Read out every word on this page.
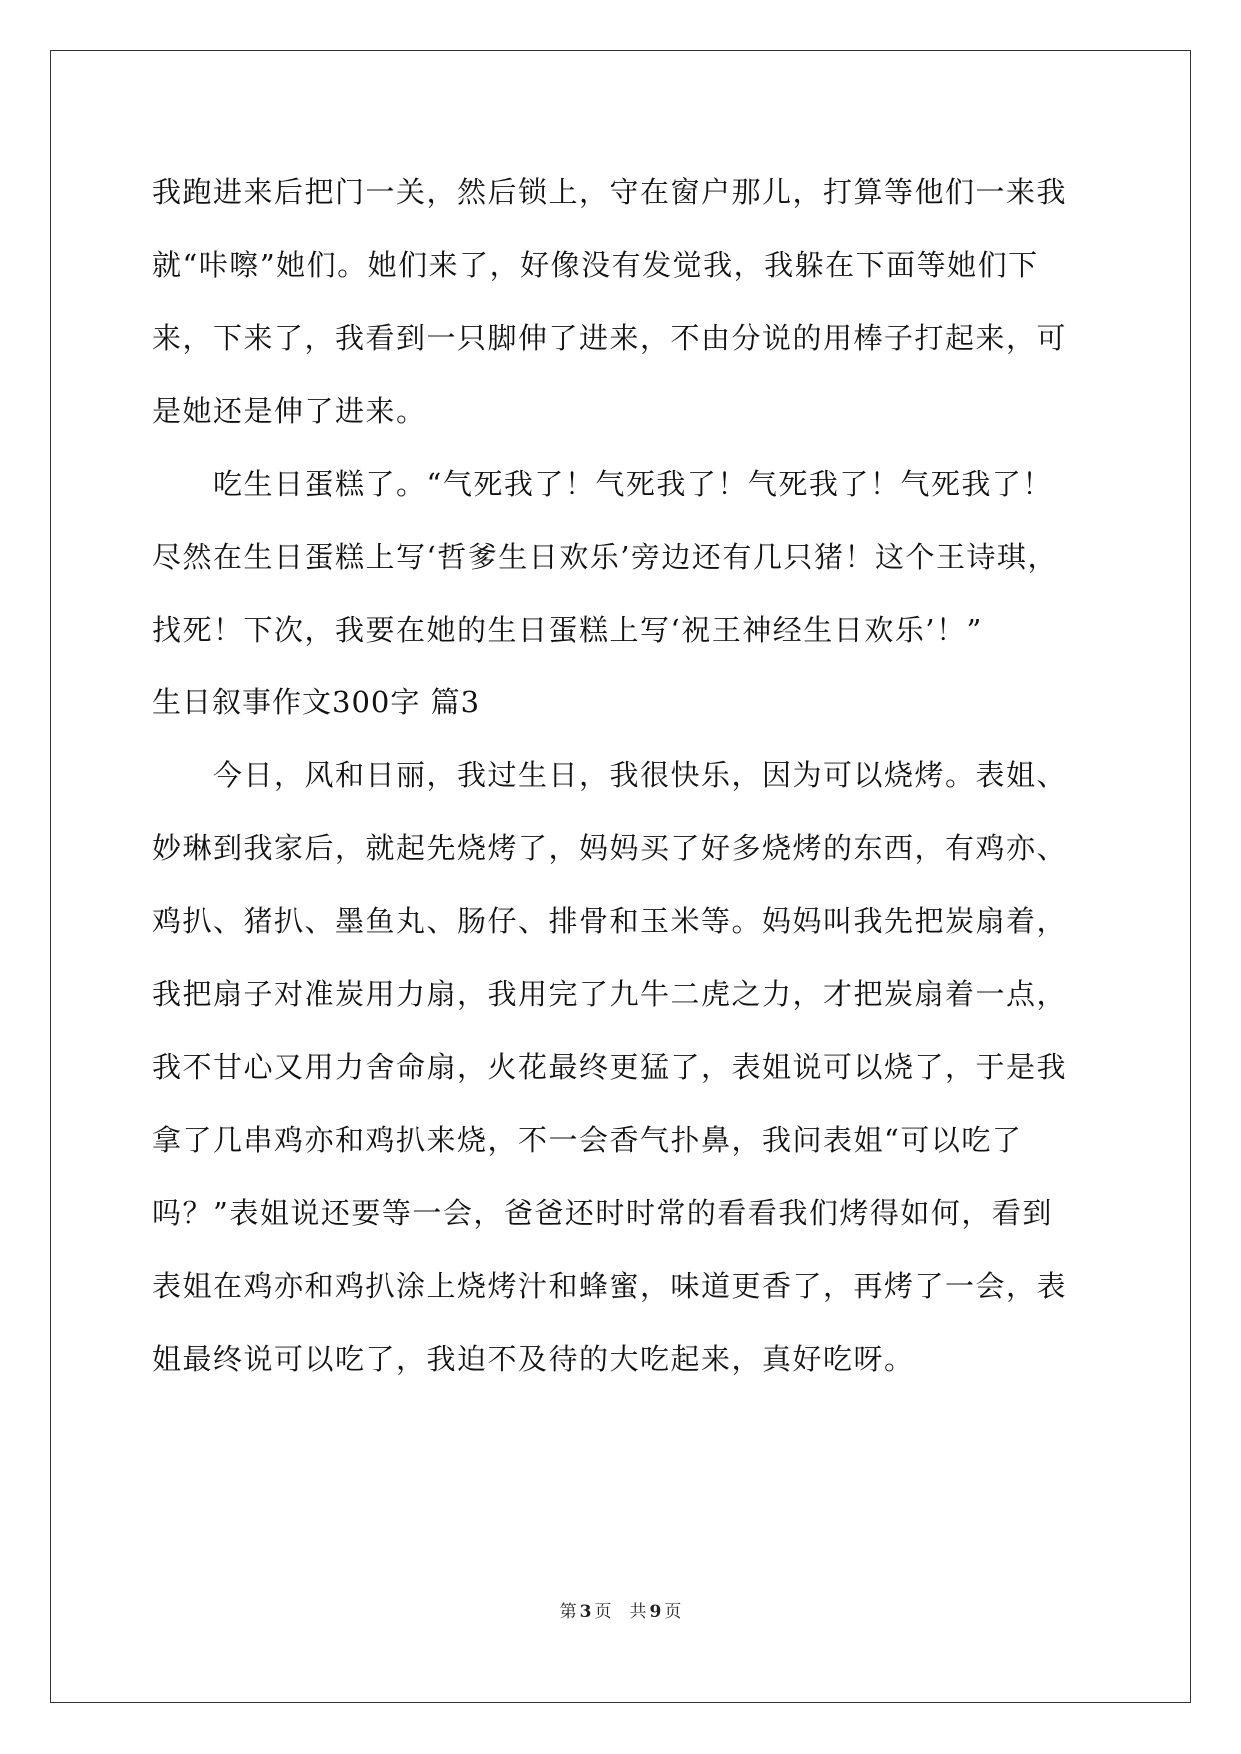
我跑进来后把门一关，然后锁上，守在窗户那儿，打算等他们一来我
就“咔嚓”她们。她们来了，好像没有发觉我，我躲在下面等她们下
来，下来了，我看到一只脚伸了进来，不由分说的用棒子打起来，可
是她还是伸了进来。
吃生日蛋糕了。“气死我了！气死我了！气死我了！气死我了！
尽然在生日蛋糕上写‘哲爹生日欢乐’旁边还有几只猪！这个王诗琪，
找死！下次，我要在她的生日蛋糕上写‘祝王神经生日欢乐’！”
生日叙事作文300字 篇3
今日，风和日丽，我过生日，我很快乐，因为可以烧烤。表姐、
妙琳到我家后，就起先烧烤了，妈妈买了好多烧烤的东西，有鸡亦、
鸡扒、猪扒、墨鱼丸、肠仔、排骨和玉米等。妈妈叫我先把炭扇着，
我把扇子对准炭用力扇，我用完了九牛二虎之力，才把炭扇着一点，
我不甘心又用力舍命扇，火花最终更猛了，表姐说可以烧了，于是我
拿了几串鸡亦和鸡扒来烧，不一会香气扑鼻，我问表姐“可以吃了
吗？”表姐说还要等一会，爸爸还时时常的看看我们烤得如何，看到
表姐在鸡亦和鸡扒涂上烧烤汁和蜂蜜，味道更香了，再烤了一会，表
姐最终说可以吃了，我迫不及待的大吃起来，真好吃呀。
第 3 页 共 9 页
